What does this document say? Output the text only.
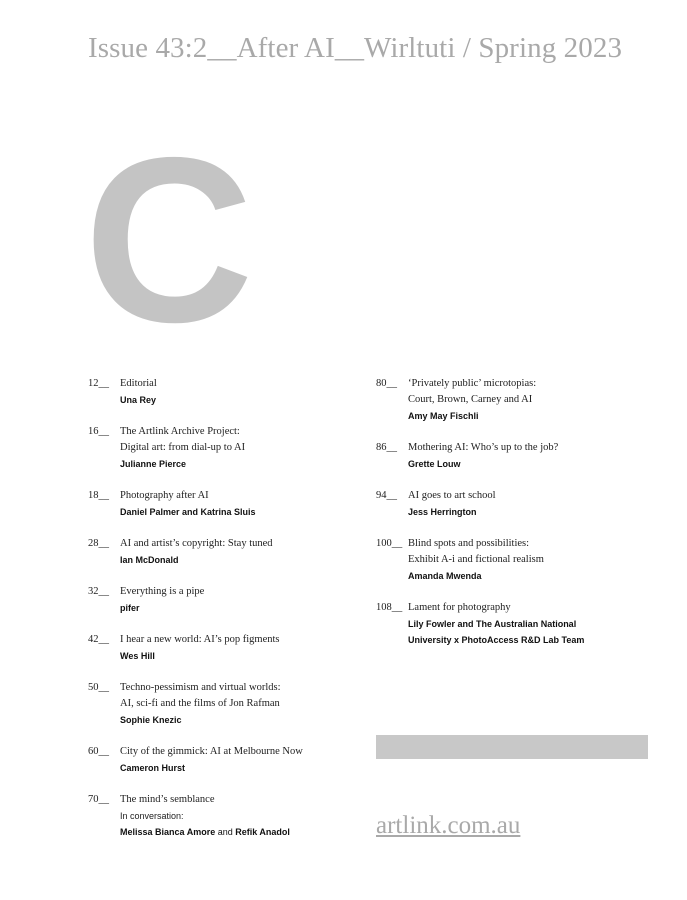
Issue 43:2__After AI__Wirltuti / Spring 2023
C
12__ Editorial
Una Rey
16__ The Artlink Archive Project:
Digital art: from dial-up to AI
Julianne Pierce
18__ Photography after AI
Daniel Palmer and Katrina Sluis
28__ AI and artist’s copyright: Stay tuned
Ian McDonald
32__ Everything is a pipe
pifer
42__ I hear a new world: AI’s pop figments
Wes Hill
50__ Techno-pessimism and virtual worlds:
AI, sci-fi and the films of Jon Rafman
Sophie Knezic
60__ City of the gimmick: AI at Melbourne Now
Cameron Hurst
70__ The mind’s semblance
In conversation:
Melissa Bianca Amore and Refik Anadol
80__ ‘Privately public’ microtopias:
Court, Brown, Carney and AI
Amy May Fischli
86__ Mothering AI: Who’s up to the job?
Grette Louw
94__ AI goes to art school
Jess Herrington
100__ Blind spots and possibilities:
Exhibit A-i and fictional realism
Amanda Mwenda
108__ Lament for photography
Lily Fowler and The Australian National
University x PhotoAccess R&D Lab Team
artlink.com.au
